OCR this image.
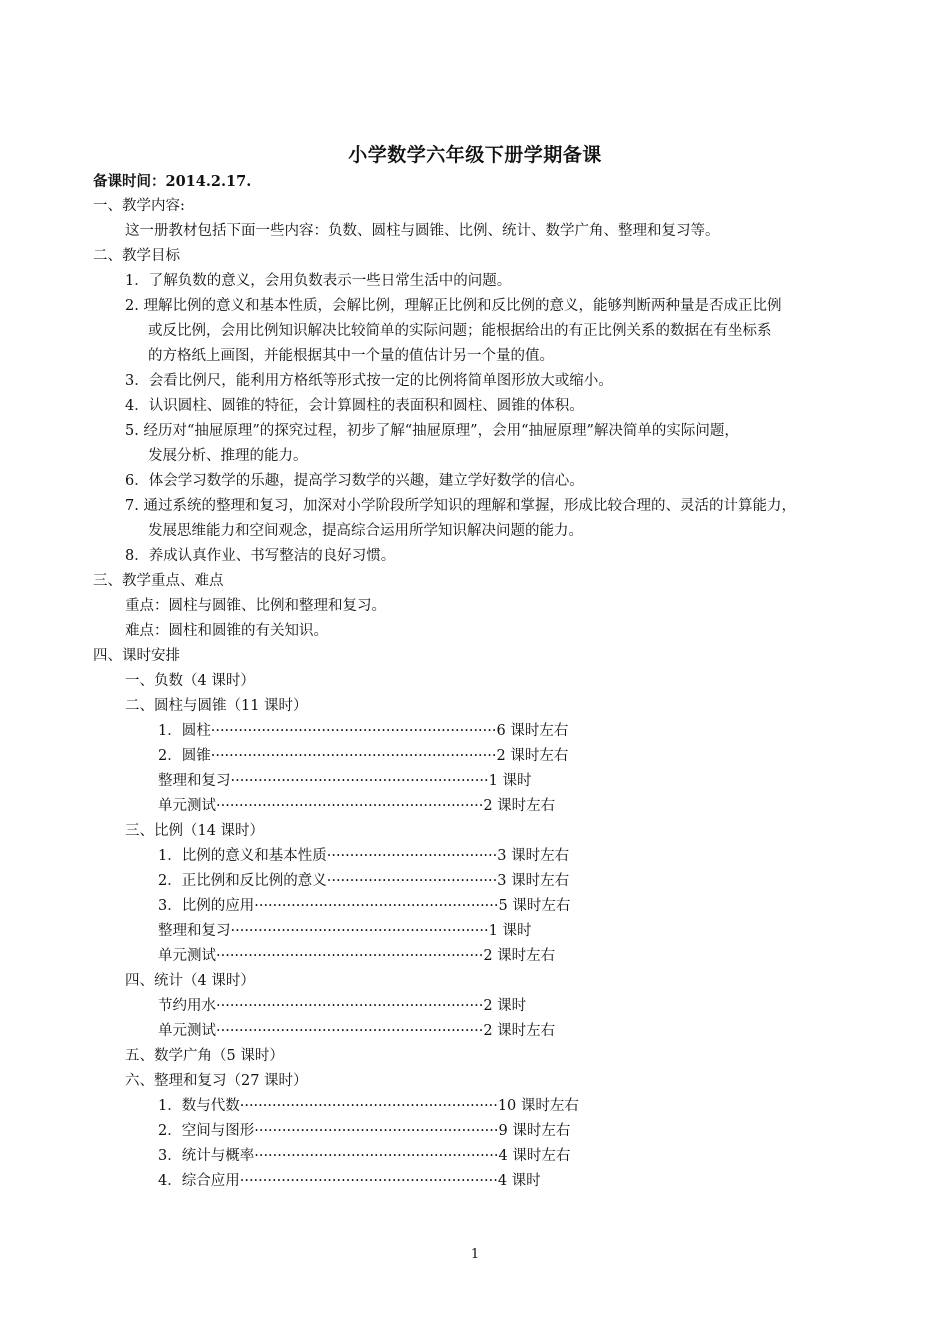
小学数学六年级下册学期备课
备课时间：2014.2.17.
一、教学内容:
这一册教材包括下面一些内容：负数、圆柱与圆锥、比例、统计、数学广角、整理和复习等。
二、教学目标
1．了解负数的意义，会用负数表示一些日常生活中的问题。
2. 理解比例的意义和基本性质，会解比例，理解正比例和反比例的意义，能够判断两种量是否成正比例
或反比例，会用比例知识解决比较简单的实际问题；能根据给出的有正比例关系的数据在有坐标系
的方格纸上画图，并能根据其中一个量的值估计另一个量的值。
3．会看比例尺，能利用方格纸等形式按一定的比例将简单图形放大或缩小。
4．认识圆柱、圆锥的特征，会计算圆柱的表面积和圆柱、圆锥的体积。
5. 经历对“抽屉原理”的探究过程，初步了解“抽屉原理”，会用“抽屉原理”解决简单的实际问题，
发展分析、推理的能力。
6．体会学习数学的乐趣，提高学习数学的兴趣，建立学好数学的信心。
7. 通过系统的整理和复习，加深对小学阶段所学知识的理解和掌握，形成比较合理的、灵活的计算能力，
发展思维能力和空间观念，提高综合运用所学知识解决问题的能力。
8．养成认真作业、书写整洁的良好习惯。
三、教学重点、难点
重点：圆柱与圆锥、比例和整理和复习。
难点：圆柱和圆锥的有关知识。
四、课时安排
一、负数（4 课时）
二、圆柱与圆锥（11 课时）
1．圆柱······························································6 课时左右
2．圆锥······························································2 课时左右
整理和复习························································1 课时
单元测试··························································2 课时左右
三、比例（14 课时）
1．比例的意义和基本性质·····································3 课时左右
2．正比例和反比例的意义·····································3 课时左右
3．比例的应用·····················································5 课时左右
整理和复习························································1 课时
单元测试··························································2 课时左右
四、统计（4 课时）
节约用水··························································2 课时
单元测试··························································2 课时左右
五、数学广角（5 课时）
六、整理和复习（27 课时）
1．数与代数························································10 课时左右
2．空间与图形·····················································9 课时左右
3．统计与概率·····················································4 课时左右
4．综合应用························································4 课时
1
